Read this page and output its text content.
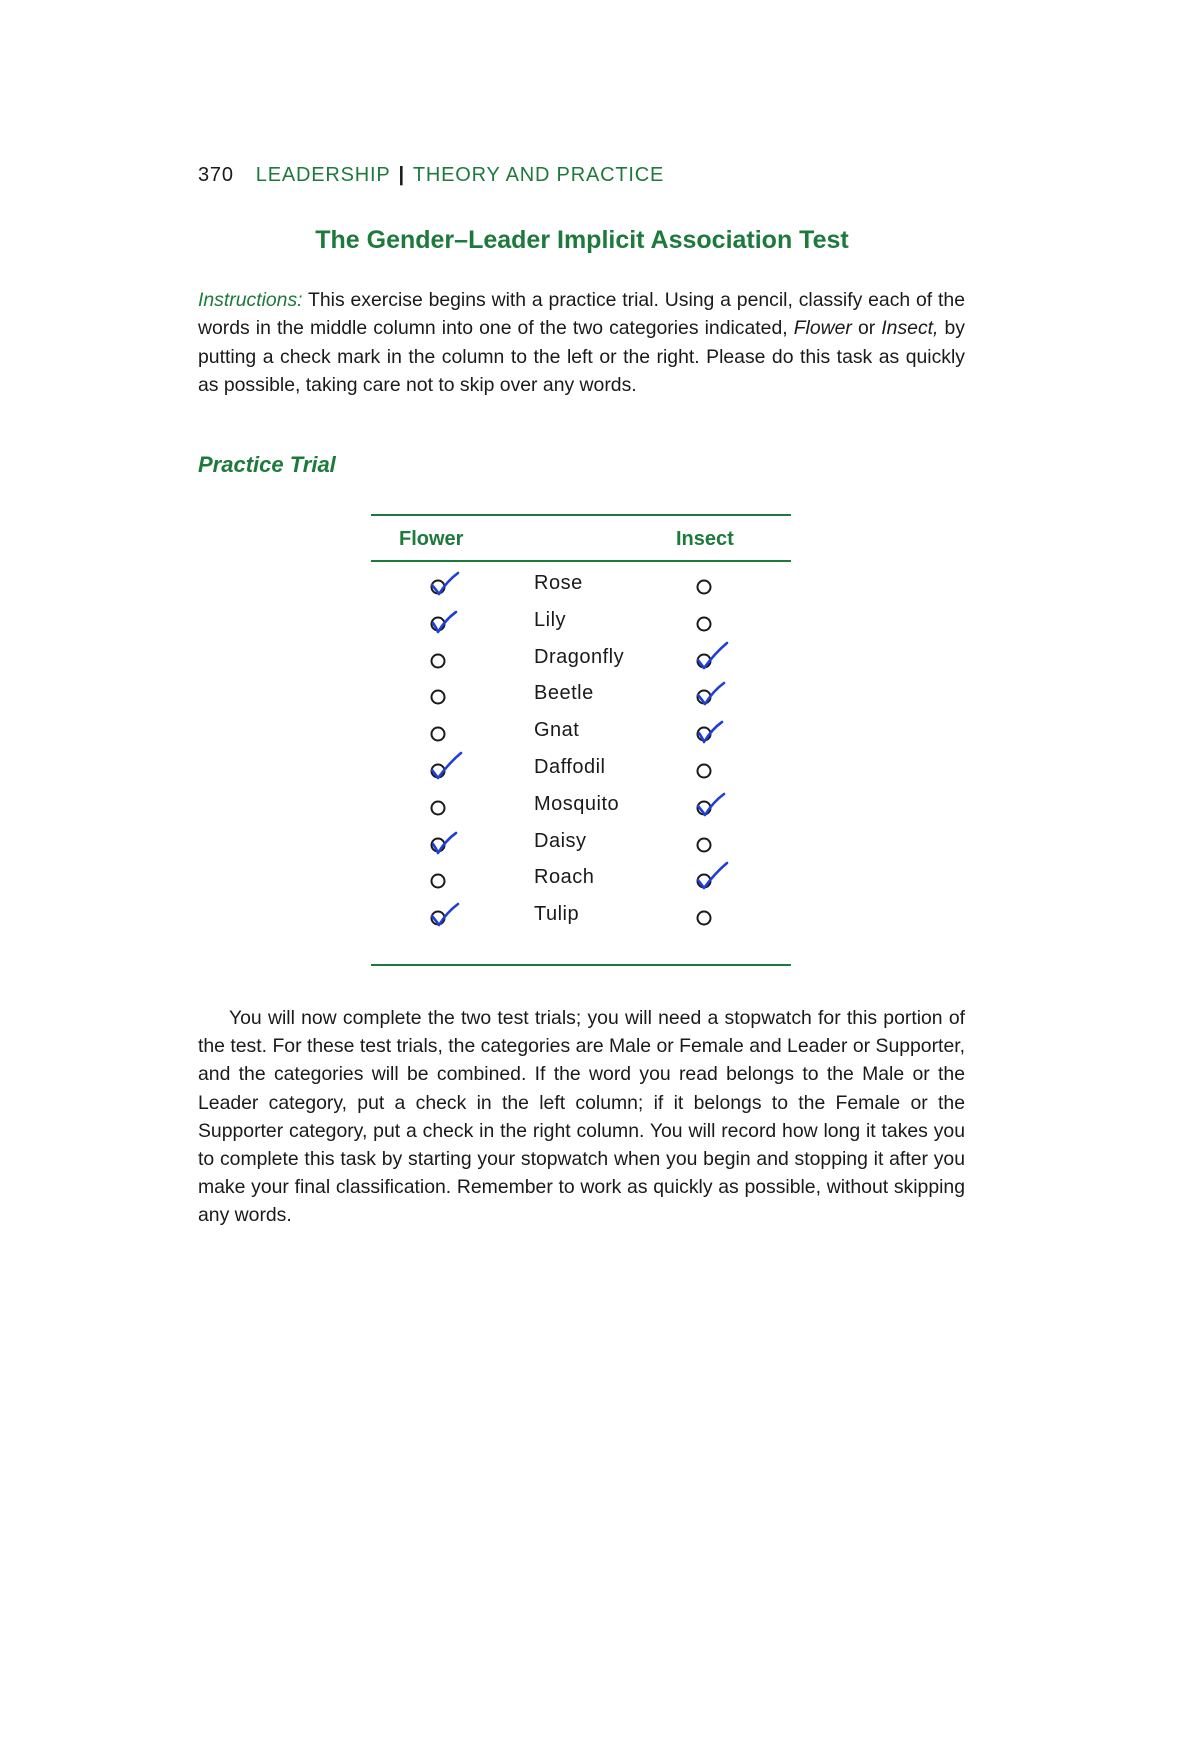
370 LEADERSHIP | THEORY AND PRACTICE
The Gender–Leader Implicit Association Test
Instructions: This exercise begins with a practice trial. Using a pencil, classify each of the words in the middle column into one of the two categories indicated, Flower or Insect, by putting a check mark in the column to the left or the right. Please do this task as quickly as possible, taking care not to skip over any words.
Practice Trial
Flower	Insect
Rose
Lily
Dragonfly
Beetle
Gnat
Daffodil
Mosquito
Daisy
Roach
Tulip

You will now complete the two test trials; you will need a stopwatch for this portion of the test. For these test trials, the categories are Male or Female and Leader or Supporter, and the categories will be combined. If the word you read belongs to the Male or the Leader category, put a check in the left column; if it belongs to the Female or the Supporter category, put a check in the right column. You will record how long it takes you to complete this task by starting your stopwatch when you begin and stopping it after you make your final classification. Remember to work as quickly as possible, without skipping any words.
